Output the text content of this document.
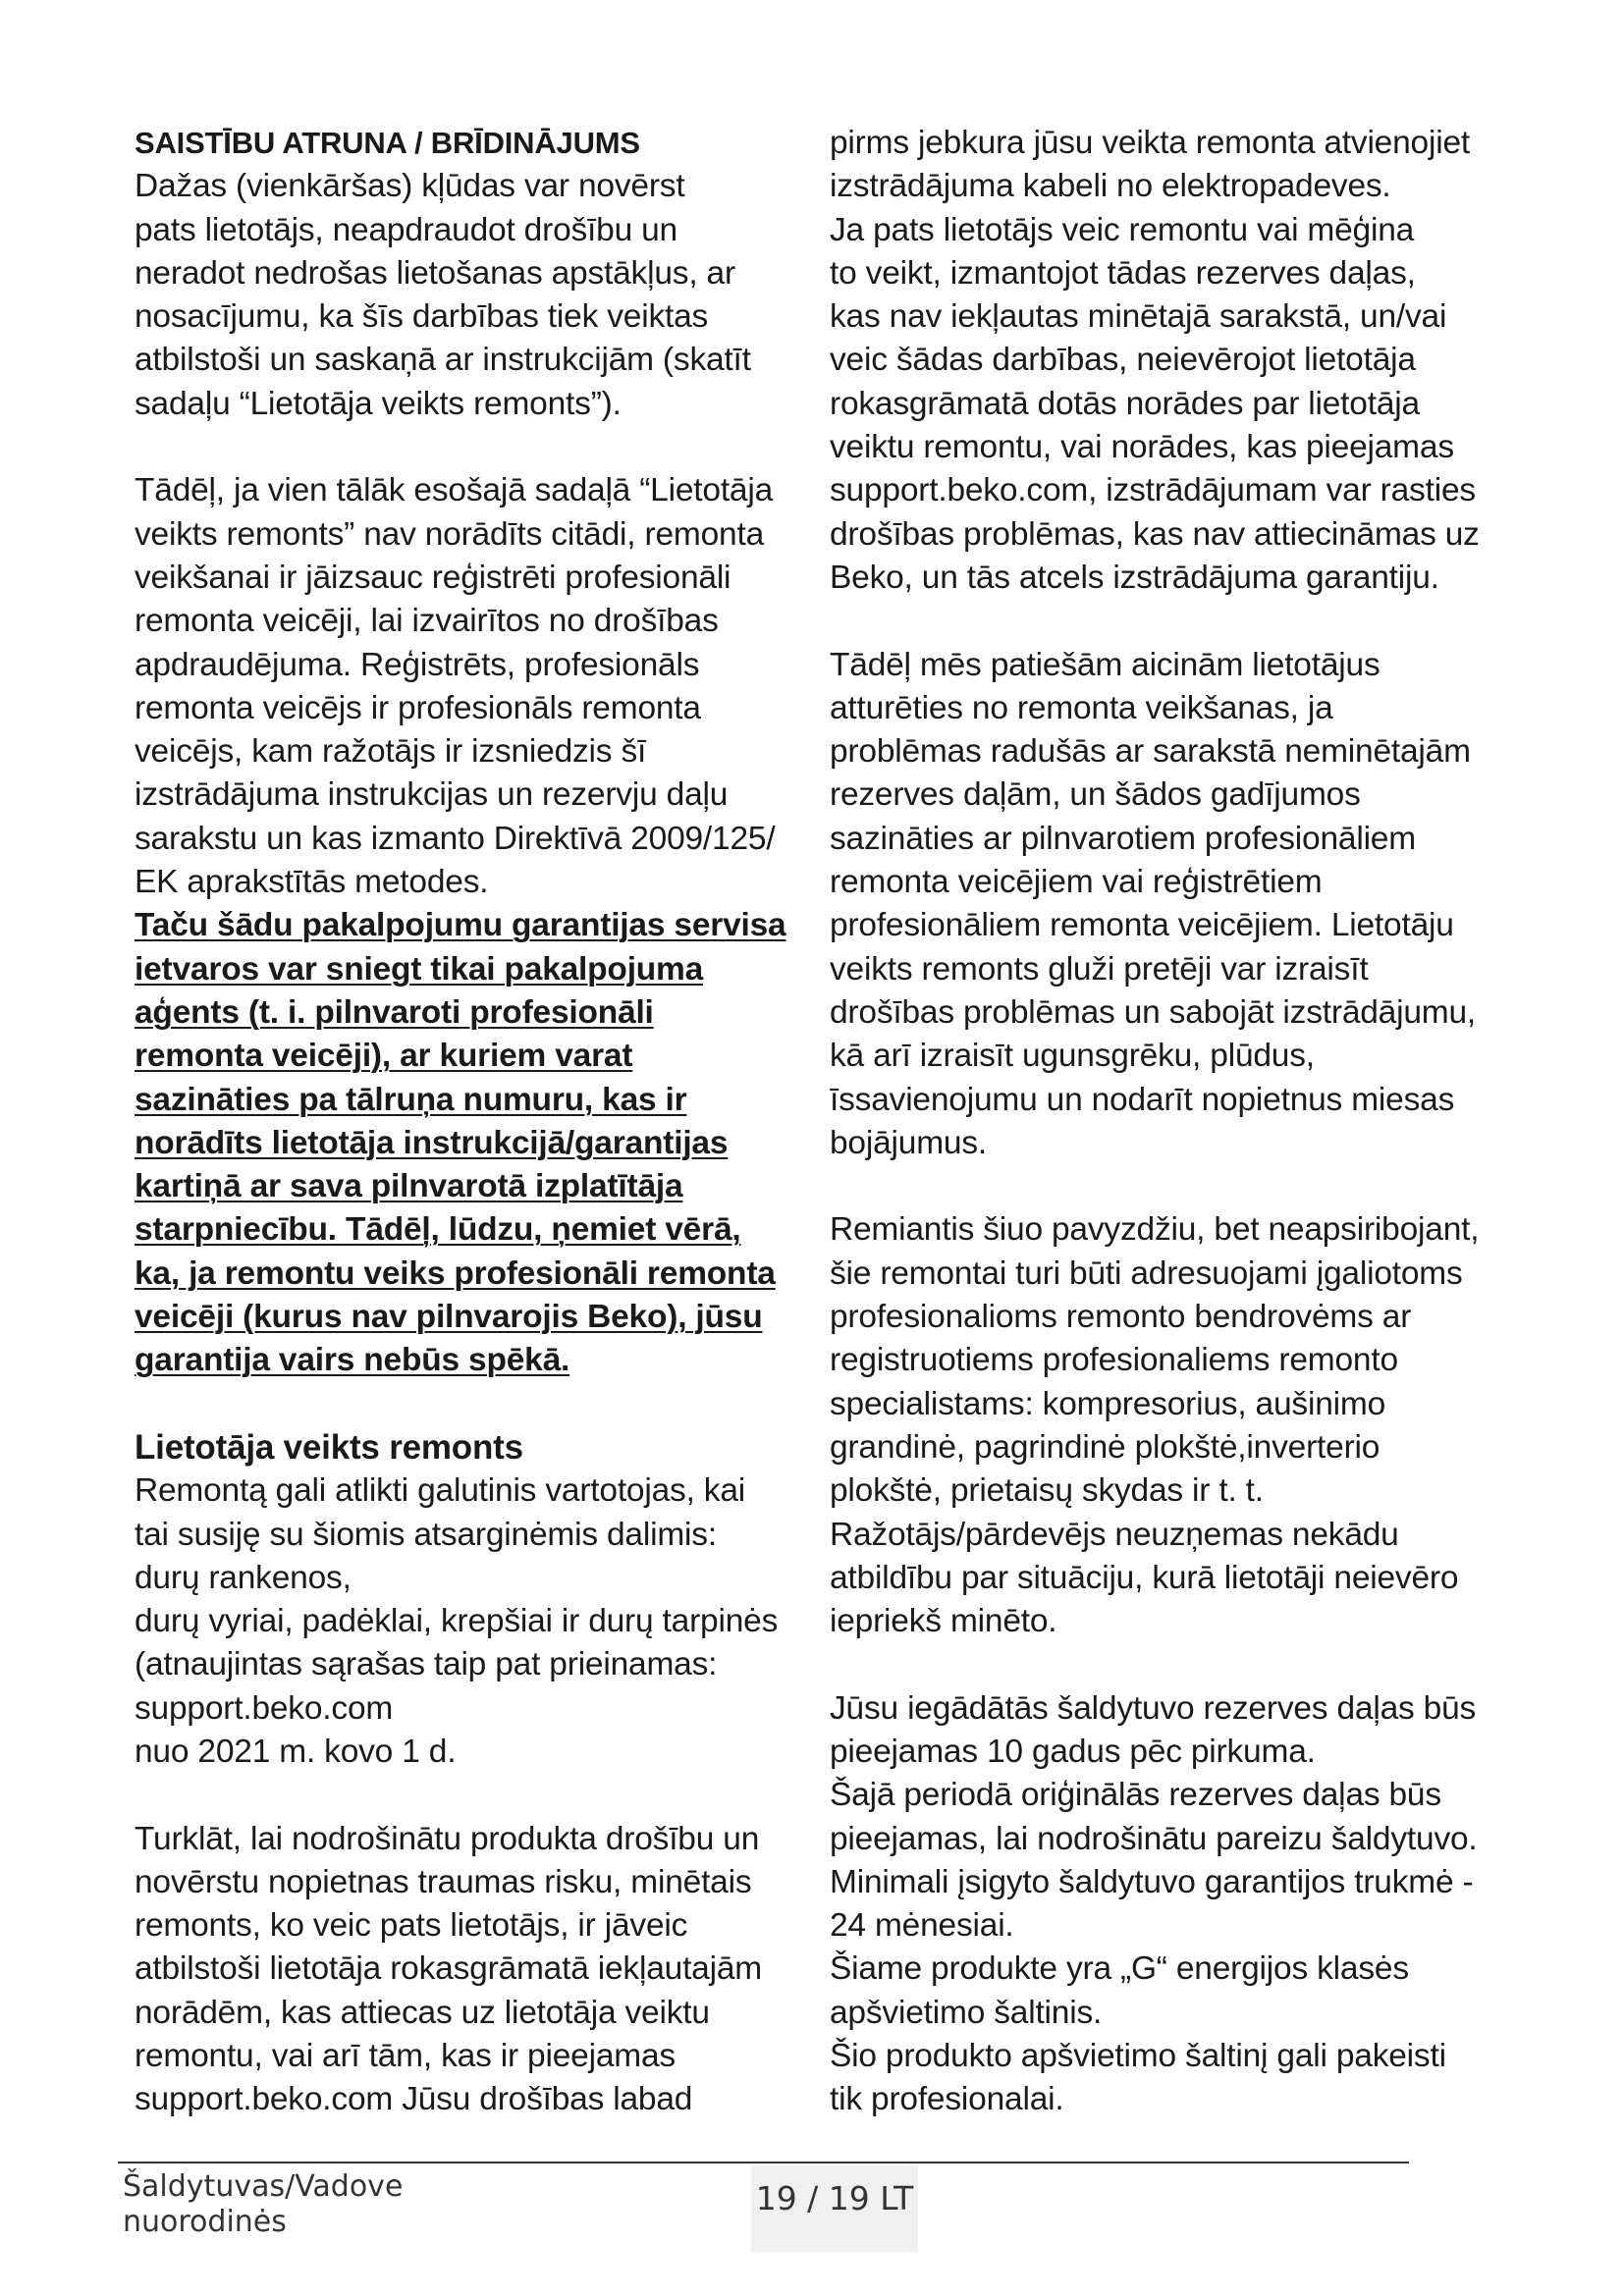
SAISTĪBU ATRUNA / BRĪDINĀJUMS
Dažas (vienkāršas) kļūdas var novērst
pats lietotājs, neapdraudot drošību un
neradot nedrošas lietošanas apstākļus, ar
nosacījumu, ka šīs darbības tiek veiktas
atbilstoši un saskaņā ar instrukcijām (skatīt
sadaļu “Lietotāja veikts remonts”).
Tādēļ, ja vien tālāk esošajā sadaļā “Lietotāja
veikts remonts” nav norādīts citādi, remonta
veikšanai ir jāizsauc reģistrēti profesionāli
remonta veicēji, lai izvairītos no drošības
apdraudējuma. Reģistrēts, profesionāls
remonta veicējs ir profesionāls remonta
veicējs, kam ražotājs ir izsniedzis šī
izstrādājuma instrukcijas un rezervju daļu
sarakstu un kas izmanto Direktīvā 2009/125/
EK aprakstītās metodes.
Taču šādu pakalpojumu garantijas servisa
ietvaros var sniegt tikai pakalpojuma
aģents (t. i. pilnvaroti profesionāli
remonta veicēji), ar kuriem varat
sazināties pa tālruņa numuru, kas ir
norādīts lietotāja instrukcijā/garantijas
kartiņā ar sava pilnvarotā izplatītāja
starpniecību. Tādēļ, lūdzu, ņemiet vērā,
ka, ja remontu veiks profesionāli remonta
veicēji (kurus nav pilnvarojis Beko), jūsu
garantija vairs nebūs spēkā.
Lietotāja veikts remonts
Remontą gali atlikti galutinis vartotojas, kai
tai susiję su šiomis atsarginėmis dalimis:
durų rankenos,
durų vyriai, padėklai, krepšiai ir durų tarpinės
(atnaujintas sąrašas taip pat prieinamas:
support.beko.com
nuo 2021 m. kovo 1 d.
Turklāt, lai nodrošinātu produkta drošību un
novērstu nopietnas traumas risku, minētais
remonts, ko veic pats lietotājs, ir jāveic
atbilstoši lietotāja rokasgrāmatā iekļautajām
norādēm, kas attiecas uz lietotāja veiktu
remontu, vai arī tām, kas ir pieejamas
support.beko.com Jūsu drošības labad
pirms jebkura jūsu veikta remonta atvienojiet
izstrādājuma kabeli no elektropadeves.
Ja pats lietotājs veic remontu vai mēģina
to veikt, izmantojot tādas rezerves daļas,
kas nav iekļautas minētajā sarakstā, un/vai
veic šādas darbības, neievērojot lietotāja
rokasgrāmatā dotās norādes par lietotāja
veiktu remontu, vai norādes, kas pieejamas
support.beko.com, izstrādājumam var rasties
drošības problēmas, kas nav attiecināmas uz
Beko, un tās atcels izstrādājuma garantiju.
Tādēļ mēs patiešām aicinām lietotājus
atturēties no remonta veikšanas, ja
problēmas radušās ar sarakstā neminētajām
rezerves daļām, un šādos gadījumos
sazināties ar pilnvarotiem profesionāliem
remonta veicējiem vai reģistrētiem
profesionāliem remonta veicējiem. Lietotāju
veikts remonts gluži pretēji var izraisīt
drošības problēmas un sabojāt izstrādājumu,
kā arī izraisīt ugunsgrēku, plūdus,
īssavienojumu un nodarīt nopietnus miesas
bojājumus.
Remiantis šiuo pavyzdžiu, bet neapsiribojant,
šie remontai turi būti adresuojami įgaliotoms
profesionalioms remonto bendrovėms ar
registruotiems profesionaliems remonto
specialistams: kompresorius, aušinimo
grandinė, pagrindinė plokštė,inverterio
plokštė, prietaisų skydas ir t. t.
Ražotājs/pārdevējs neuzņemas nekādu
atbildību par situāciju, kurā lietotāji neievēro
iepriekš minēto.
Jūsu iegādātās šaldytuvo rezerves daļas būs
pieejamas 10 gadus pēc pirkuma.
Šajā periodā oriģinālās rezerves daļas būs
pieejamas, lai nodrošinātu pareizu šaldytuvo.
Minimali įsigyto šaldytuvo garantijos trukmė -
24 mėnesiai.
Šiame produkte yra „G“ energijos klasės
apšvietimo šaltinis.
Šio produkto apšvietimo šaltinį gali pakeisti
tik profesionalai.
Šaldytuvas/Vadove
nuorodinės
19 / 19 LT
